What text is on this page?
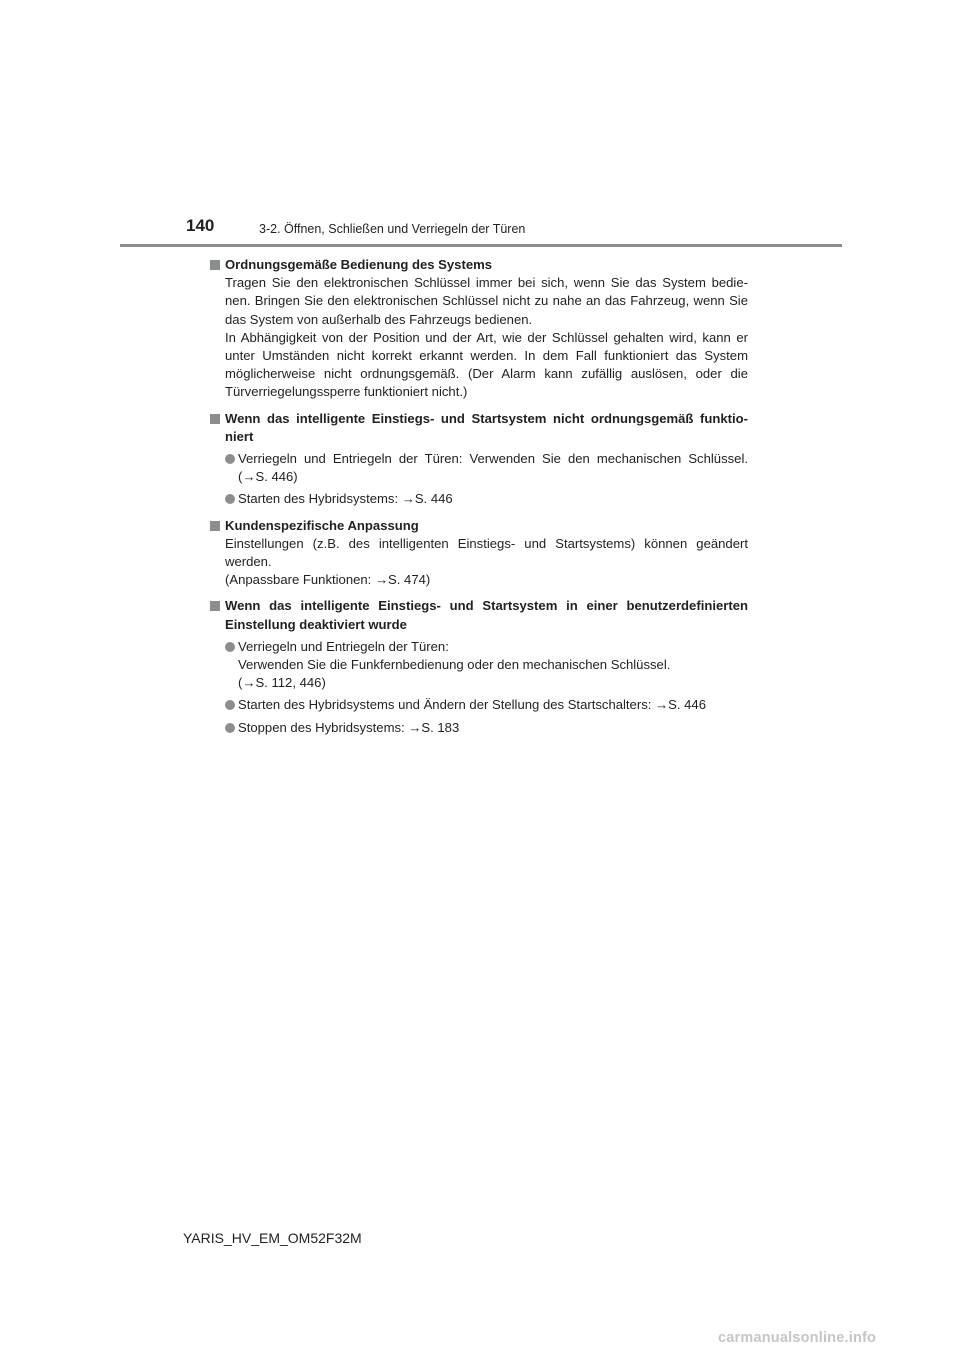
140	3-2. Öffnen, Schließen und Verriegeln der Türen
Ordnungsgemäße Bedienung des Systems
Tragen Sie den elektronischen Schlüssel immer bei sich, wenn Sie das System bedie-nen. Bringen Sie den elektronischen Schlüssel nicht zu nahe an das Fahrzeug, wenn Sie das System von außerhalb des Fahrzeugs bedienen.
In Abhängigkeit von der Position und der Art, wie der Schlüssel gehalten wird, kann er unter Umständen nicht korrekt erkannt werden. In dem Fall funktioniert das System möglicherweise nicht ordnungsgemäß. (Der Alarm kann zufällig auslösen, oder die Türverriegelungssperre funktioniert nicht.)
Wenn das intelligente Einstiegs- und Startsystem nicht ordnungsgemäß funktio-niert
Verriegeln und Entriegeln der Türen: Verwenden Sie den mechanischen Schlüssel. (→S. 446)
Starten des Hybridsystems: →S. 446
Kundenspezifische Anpassung
Einstellungen (z.B. des intelligenten Einstiegs- und Startsystems) können geändert werden.
(Anpassbare Funktionen: →S. 474)
Wenn das intelligente Einstiegs- und Startsystem in einer benutzerdefinierten Einstellung deaktiviert wurde
Verriegeln und Entriegeln der Türen:
Verwenden Sie die Funkfernbedienung oder den mechanischen Schlüssel.
(→S. 112, 446)
Starten des Hybridsystems und Ändern der Stellung des Startschalters: →S. 446
Stoppen des Hybridsystems: →S. 183
YARIS_HV_EM_OM52F32M
carmanualsonline.info
